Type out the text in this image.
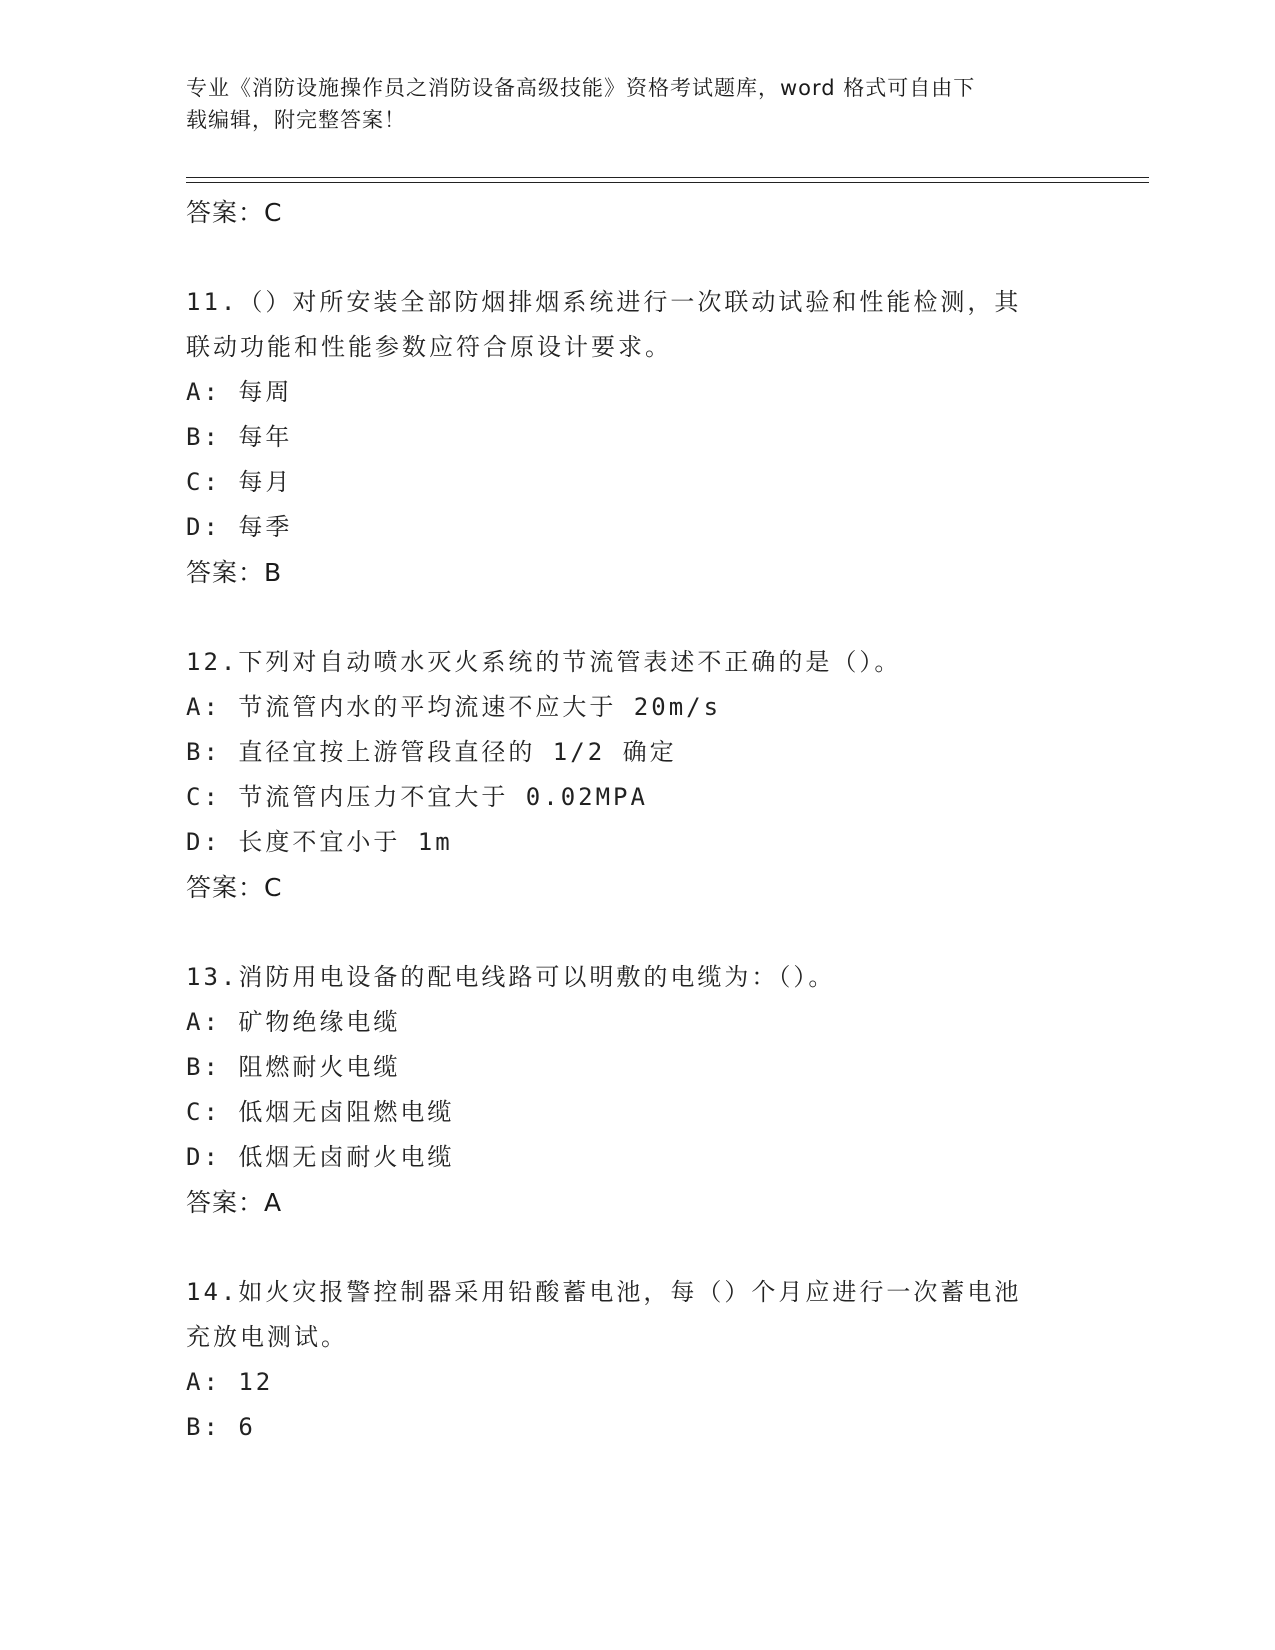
专业《消防设施操作员之消防设备高级技能》资格考试题库，word 格式可自由下
载编辑，附完整答案！
答案：C
11.（）对所安装全部防烟排烟系统进行一次联动试验和性能检测，其
联动功能和性能参数应符合原设计要求。
A: 每周
B: 每年
C: 每月
D: 每季
答案：B
12.下列对自动喷水灭火系统的节流管表述不正确的是（）。
A: 节流管内水的平均流速不应大于 20m/s
B: 直径宜按上游管段直径的 1/2 确定
C: 节流管内压力不宜大于 0.02MPA
D: 长度不宜小于 1m
答案：C
13.消防用电设备的配电线路可以明敷的电缆为：（）。
A: 矿物绝缘电缆
B: 阻燃耐火电缆
C: 低烟无卤阻燃电缆
D: 低烟无卤耐火电缆
答案：A
14.如火灾报警控制器采用铅酸蓄电池，每（）个月应进行一次蓄电池
充放电测试。
A: 12
B: 6
